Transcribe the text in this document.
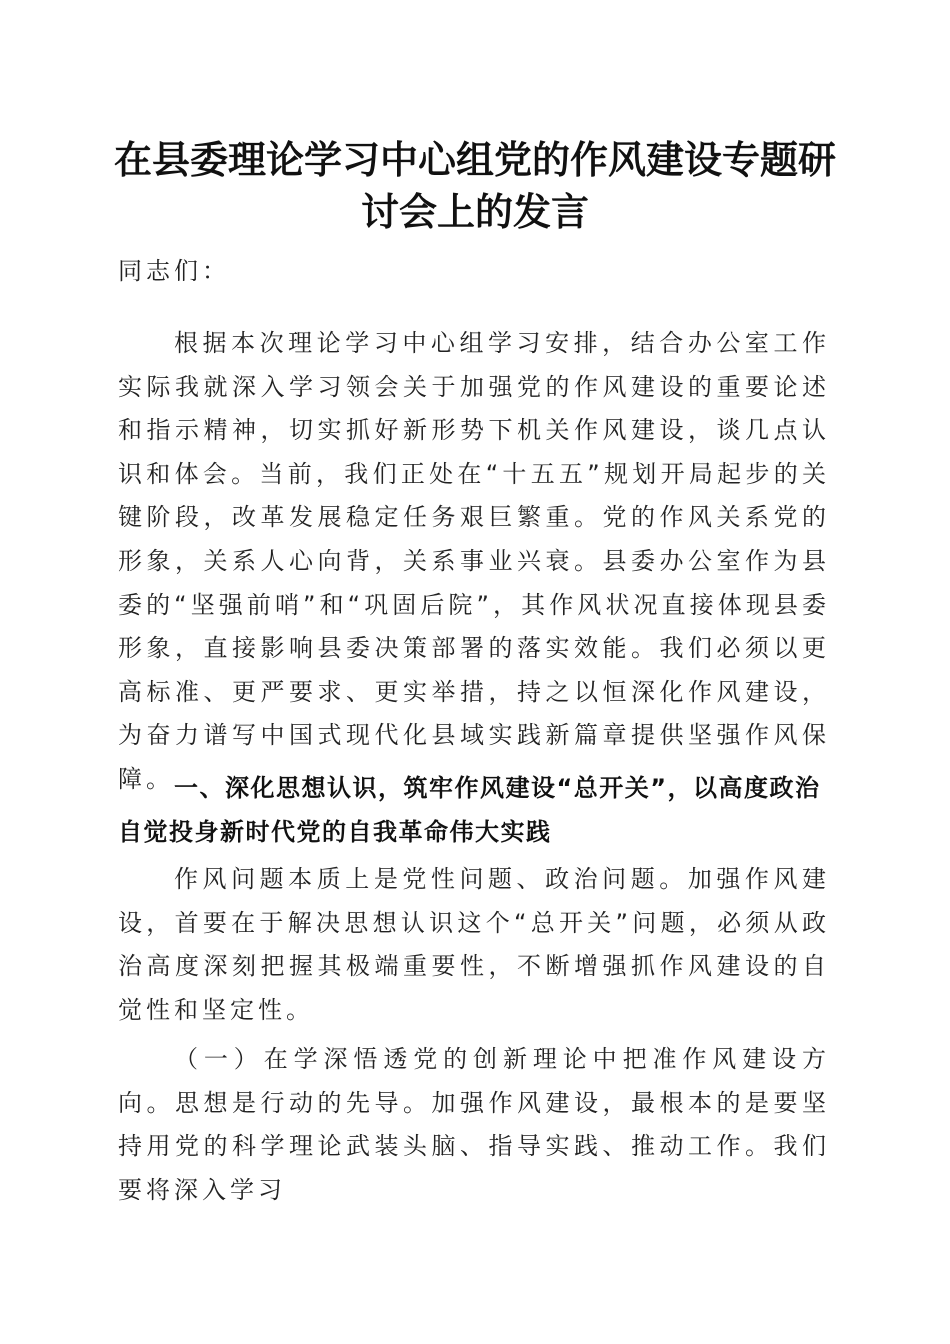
在县委理论学习中心组党的作风建设专题研讨会上的发言
同志们：
根据本次理论学习中心组学习安排，结合办公室工作实际我就深入学习领会关于加强党的作风建设的重要论述和指示精神，切实抓好新形势下机关作风建设，谈几点认识和体会。当前，我们正处在“十五五”规划开局起步的关键阶段，改革发展稳定任务艰巨繁重。党的作风关系党的形象，关系人心向背，关系事业兴衰。县委办公室作为县委的“坚强前哨”和“巩固后院”，其作风状况直接体现县委形象，直接影响县委决策部署的落实效能。我们必须以更高标准、更严要求、更实举措，持之以恒深化作风建设，为奋力谱写中国式现代化县域实践新篇章提供坚强作风保障。 一、深化思想认识，筑牢作风建设“总开关”，以高度政治自觉投身新时代党的自我革命伟大实践
作风问题本质上是党性问题、政治问题。加强作风建设，首要在于解决思想认识这个“总开关”问题，必须从政治高度深刻把握其极端重要性，不断增强抓作风建设的自觉性和坚定性。
（一）在学深悟透党的创新理论中把准作风建设方向。思想是行动的先导。加强作风建设，最根本的是要坚持用党的科学理论武装头脑、指导实践、推动工作。我们要将深入学习
